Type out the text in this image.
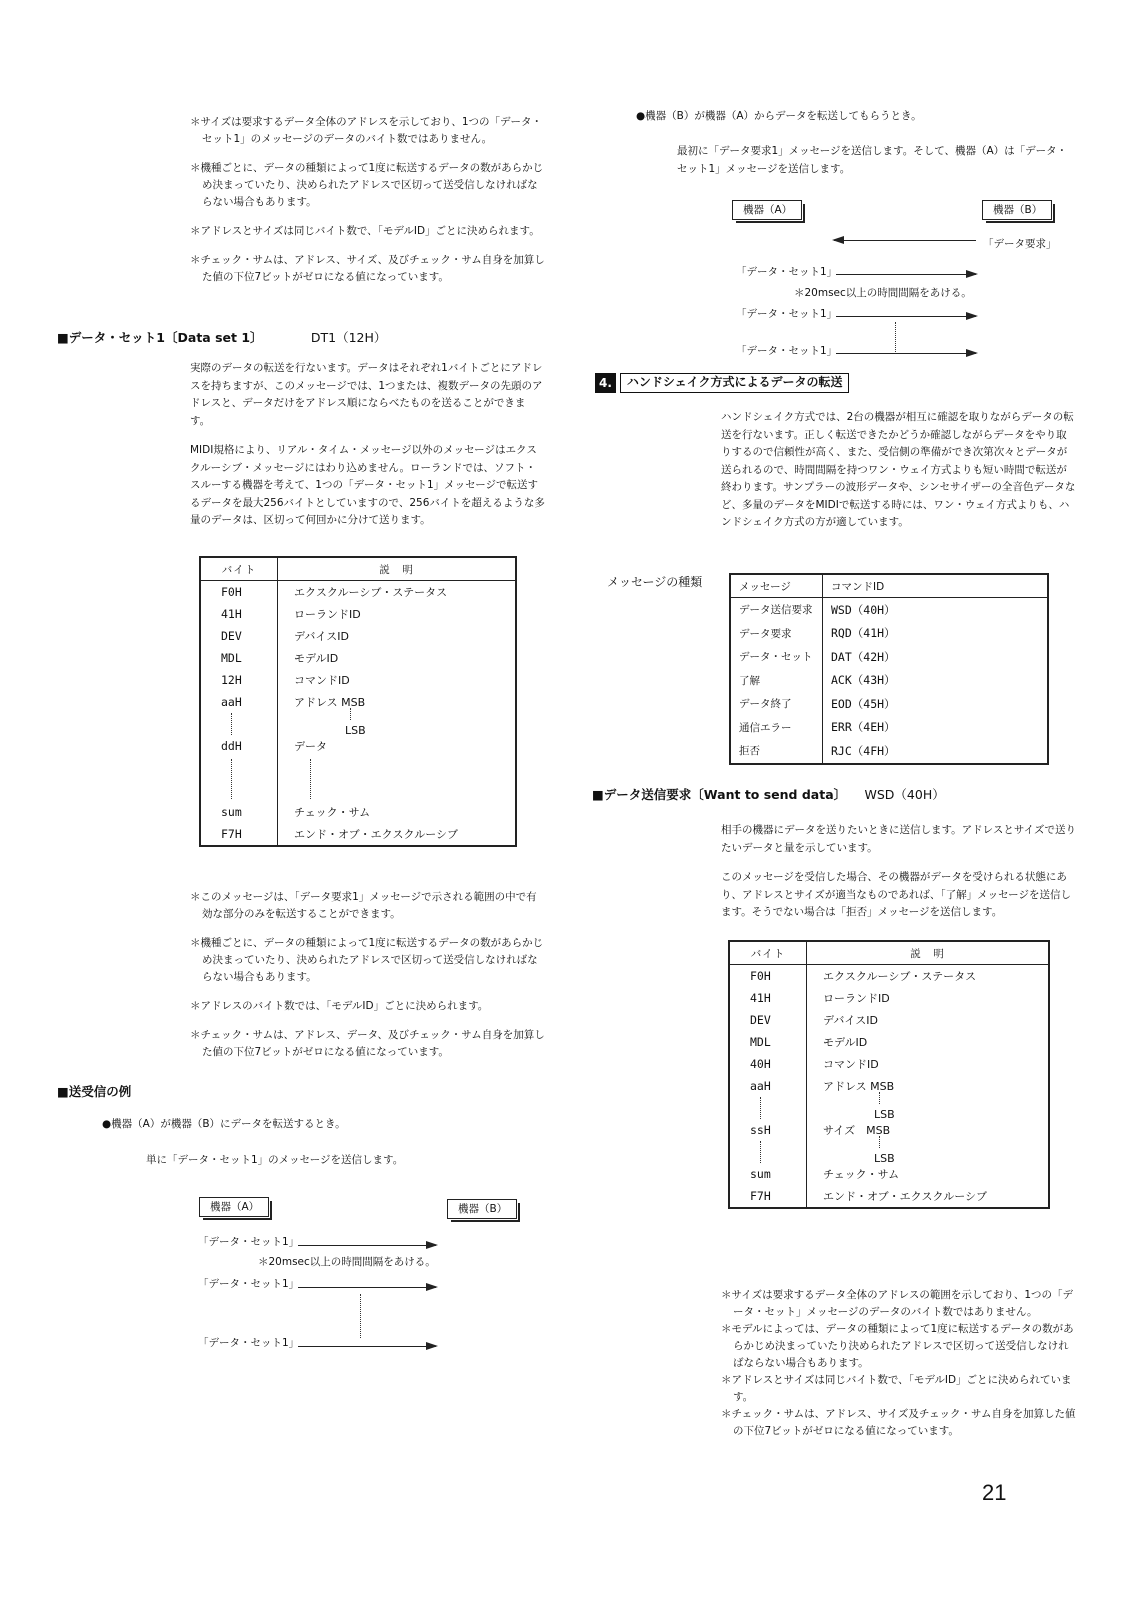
＊サイズは要求するデータ全体のアドレスを示しており、1つの「データ・セット1」のメッセージのデータのバイト数ではありません。

＊機種ごとに、データの種類によって1度に転送するデータの数があらかじめ決まっていたり、決められたアドレスで区切って送受信しなければならない場合もあります。

＊アドレスとサイズは同じバイト数で、「モデルID」ごとに決められます。

＊チェック・サムは、アドレス、サイズ、及びチェック・サム自身を加算した値の下位7ビットがゼロになる値になっています。

■データ・セット1〔Data set 1〕	DT1（12H）

実際のデータの転送を行ないます。データはそれぞれ1バイトごとにアドレスを持ちますが、このメッセージでは、1つまたは、複数データの先頭のアドレスと、データだけをアドレス順にならべたものを送ることができます。

MIDI規格により、リアル・タイム・メッセージ以外のメッセージはエクスクルーシブ・メッセージにはわり込めません。ローランドでは、ソフト・スルーする機器を考えて、1つの「データ・セット1」メッセージで転送するデータを最大256バイトとしていますので、256バイトを超えるような多量のデータは、区切って何回かに分けて送ります。

バイト	説　明
F0H	エクスクルーシブ・ステータス
41H	ローランドID
DEV	デバイスID
MDL	モデルID
12H	コマンドID
aaH	アドレス MSB
	LSB
ddH	データ

sum	チェック・サム
F7H	エンド・オブ・エクスクルーシブ

＊このメッセージは、「データ要求1」メッセージで示される範囲の中で有効な部分のみを転送することができます。

＊機種ごとに、データの種類によって1度に転送するデータの数があらかじめ決まっていたり、決められたアドレスで区切って送受信しなければならない場合もあります。

＊アドレスのバイト数では、「モデルID」ごとに決められます。

＊チェック・サムは、アドレス、データ、及びチェック・サム自身を加算した値の下位7ビットがゼロになる値になっています。

■送受信の例
●機器（A）が機器（B）にデータを転送するとき。
単に「データ・セット1」のメッセージを送信します。
機器（A）	機器（B）
「データ・セット1」
＊20msec以上の時間間隔をあける。
「データ・セット1」
「データ・セット1」
●機器（B）が機器（A）からデータを転送してもらうとき。
最初に「データ要求1」メッセージを送信します。そして、機器（A）は「データ・セット1」メッセージを送信します。
機器（A）	機器（B）
「データ要求」
「データ・セット1」
＊20msec以上の時間間隔をあける。
「データ・セット1」
「データ・セット1」
4.	ハンドシェイク方式によるデータの転送
ハンドシェイク方式では、2台の機器が相互に確認を取りながらデータの転送を行ないます。正しく転送できたかどうか確認しながらデータをやり取りするので信頼性が高く、また、受信側の準備ができ次第次々とデータが送られるので、時間間隔を持つワン・ウェイ方式よりも短い時間で転送が終わります。サンプラーの波形データや、シンセサイザーの全音色データなど、多量のデータをMIDIで転送する時には、ワン・ウェイ方式よりも、ハンドシェイク方式の方が適しています。
メッセージの種類	メッセージ	コマンドID
データ送信要求	WSD（40H）
データ要求	RQD（41H）
データ・セット	DAT（42H）
了解	ACK（43H）
データ終了	EOD（45H）
通信エラー	ERR（4EH）
拒否	RJC（4FH）
■データ送信要求〔Want to send data〕 WSD（40H）

相手の機器にデータを送りたいときに送信します。アドレスとサイズで送りたいデータと量を示しています。

このメッセージを受信した場合、その機器がデータを受けられる状態にあり、アドレスとサイズが適当なものであれば、「了解」メッセージを送信します。そうでない場合は「拒否」メッセージを送信します。

バイト	説　明
F0H	エクスクルーシブ・ステータス
41H	ローランドID
DEV	デバイスID
MDL	モデルID
40H	コマンドID
aaH	アドレス MSB
	LSB
ssH	サイズ　MSB
	LSB
sum	チェック・サム
F7H	エンド・オブ・エクスクルーシブ

＊サイズは要求するデータ全体のアドレスの範囲を示しており、1つの「データ・セット」メッセージのデータのバイト数ではありません。

＊モデルによっては、データの種類によって1度に転送するデータの数があらかじめ決まっていたり決められたアドレスで区切って送受信しなければならない場合もあります。

＊アドレスとサイズは同じバイト数で、「モデルID」ごとに決められています。

＊チェック・サムは、アドレス、サイズ及チェック・サム自身を加算した値の下位7ビットがゼロになる値になっています。

21
